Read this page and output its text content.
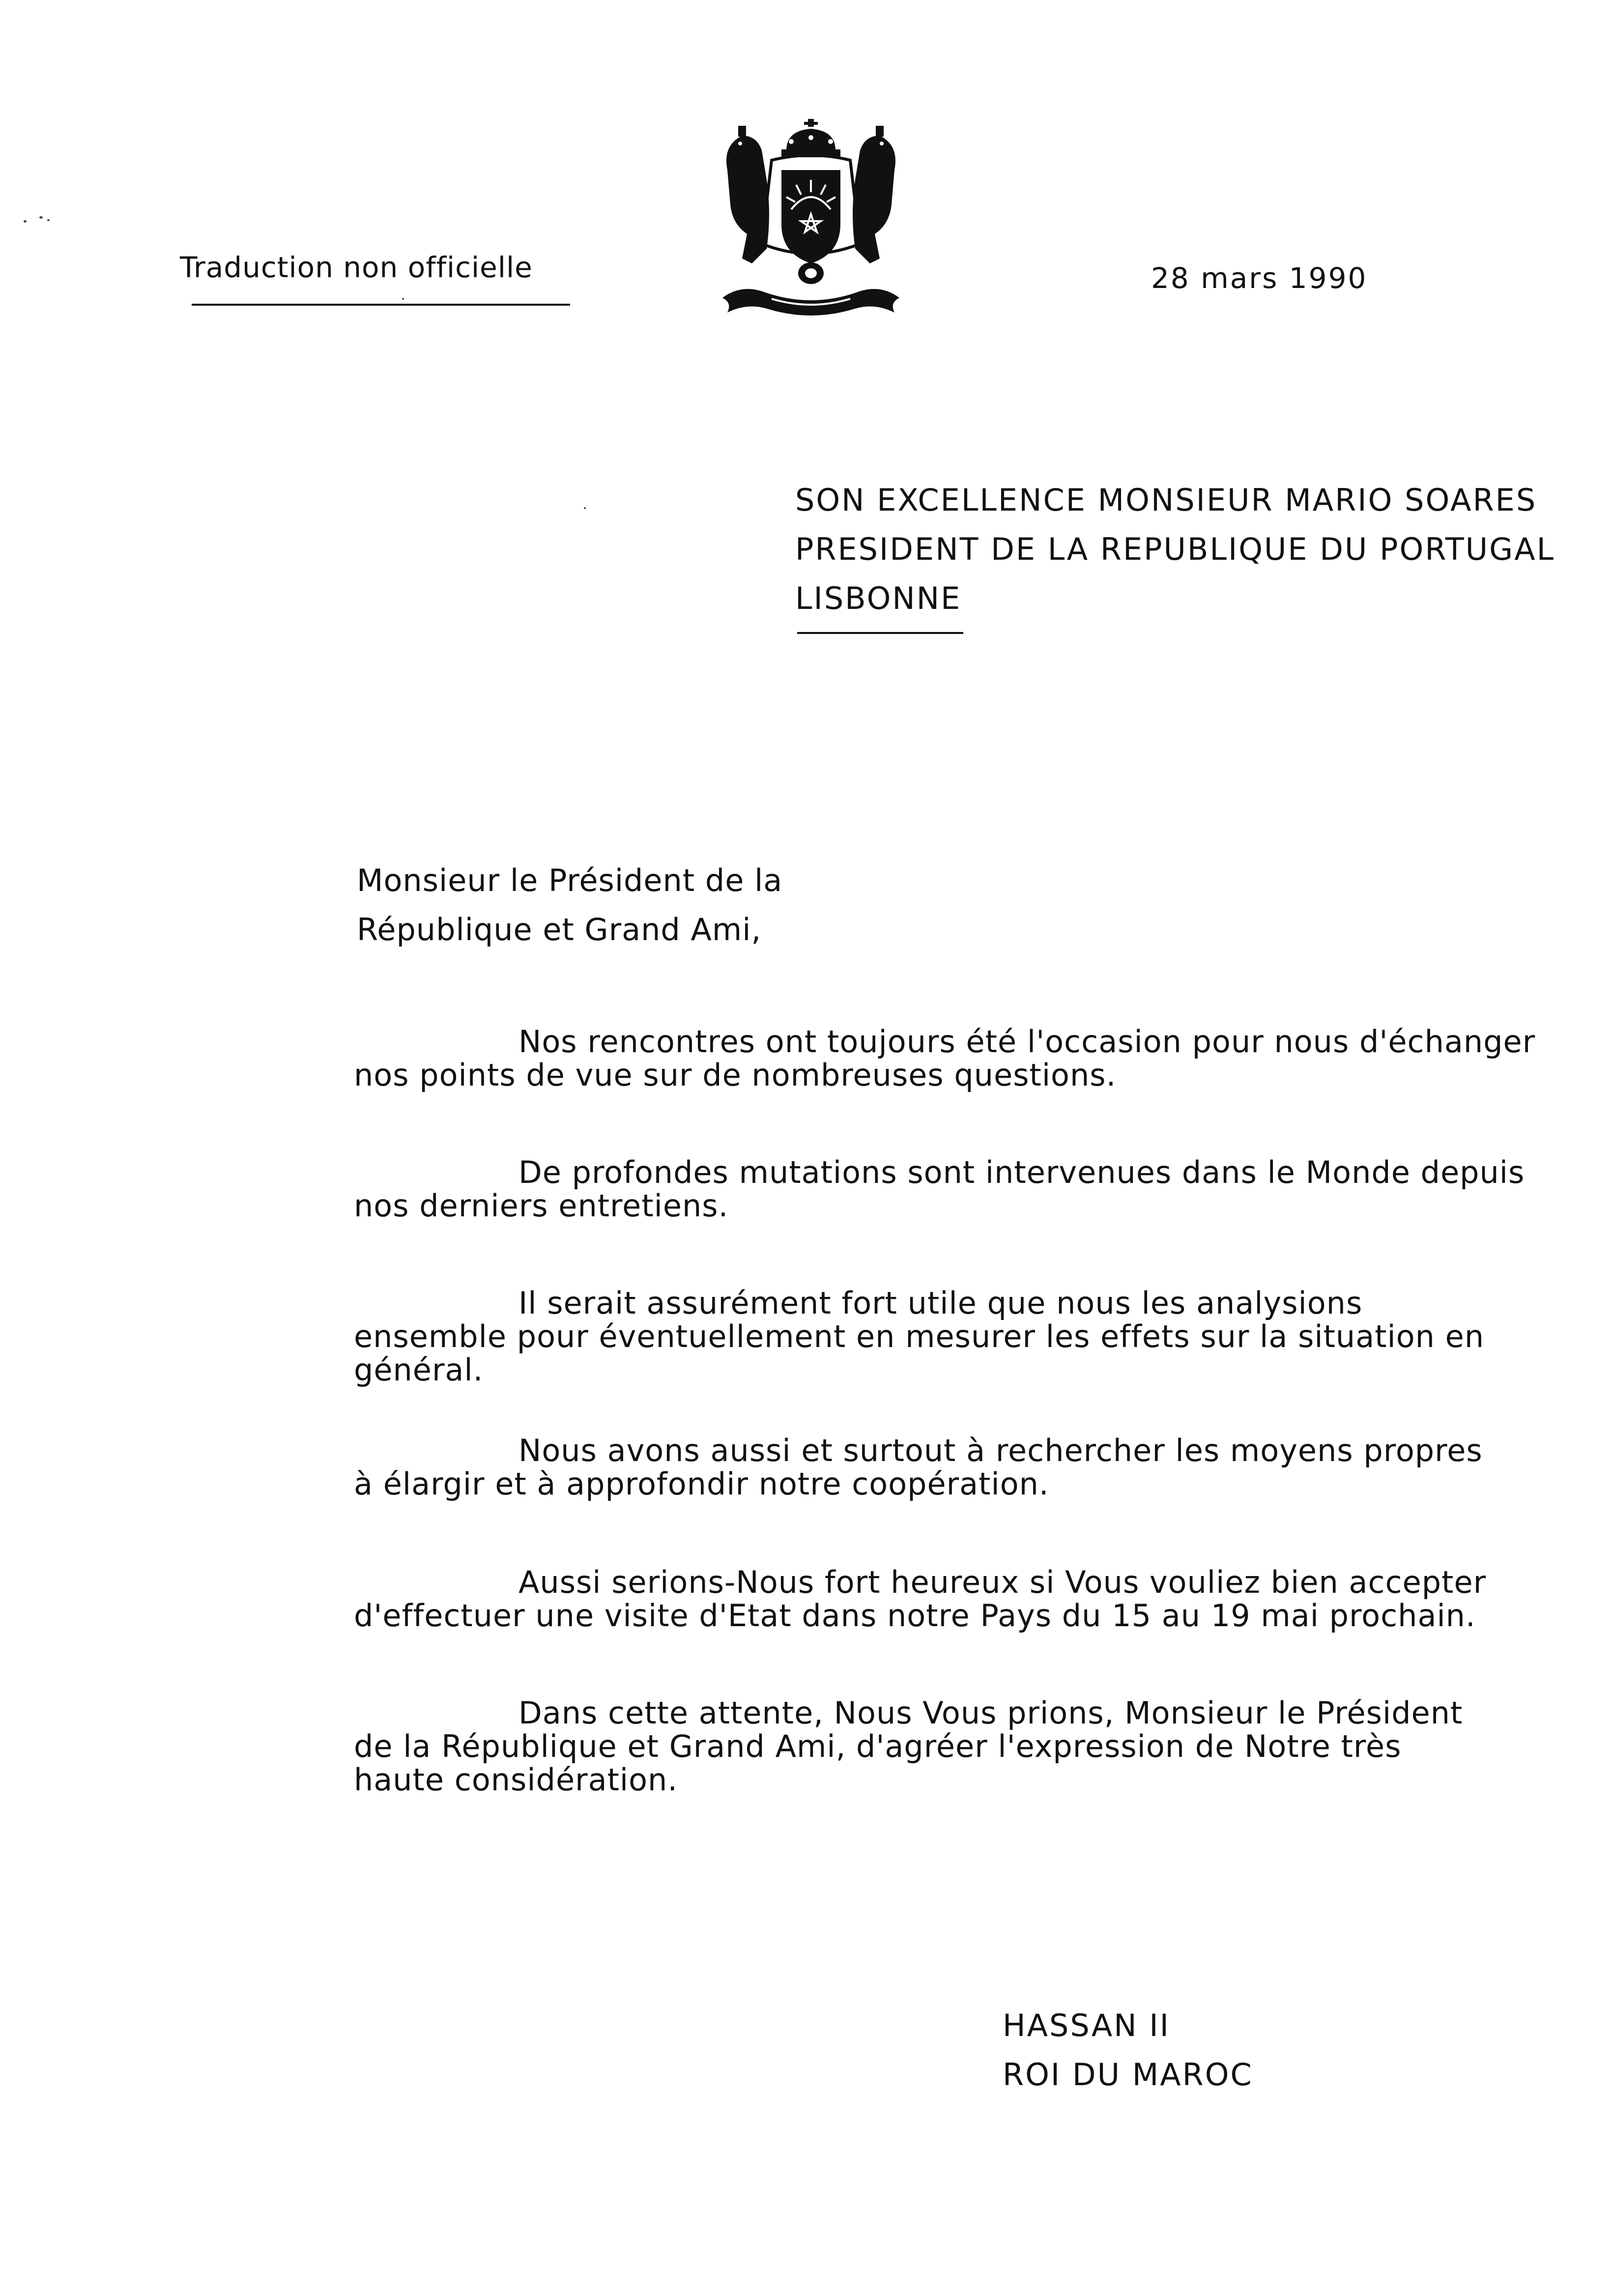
Traduction non officielle	28 mars 1990
SON EXCELLENCE MONSIEUR MARIO SOARES
PRESIDENT DE LA REPUBLIQUE DU PORTUGAL
LISBONNE
Monsieur le Président de la
République et Grand Ami,
Nos rencontres ont toujours été l'occasion pour nous d'échanger
nos points de vue sur de nombreuses questions.
De profondes mutations sont intervenues dans le Monde depuis
nos derniers entretiens.
Il serait assurément fort utile que nous les analysions
ensemble pour éventuellement en mesurer les effets sur la situation en
général.
Nous avons aussi et surtout à rechercher les moyens propres
à élargir et à approfondir notre coopération.
Aussi serions-Nous fort heureux si Vous vouliez bien accepter
d'effectuer une visite d'Etat dans notre Pays du 15 au 19 mai prochain.
Dans cette attente, Nous Vous prions, Monsieur le Président
de la République et Grand Ami, d'agréer l'expression de Notre très
haute considération.
HASSAN II
ROI DU MAROC
